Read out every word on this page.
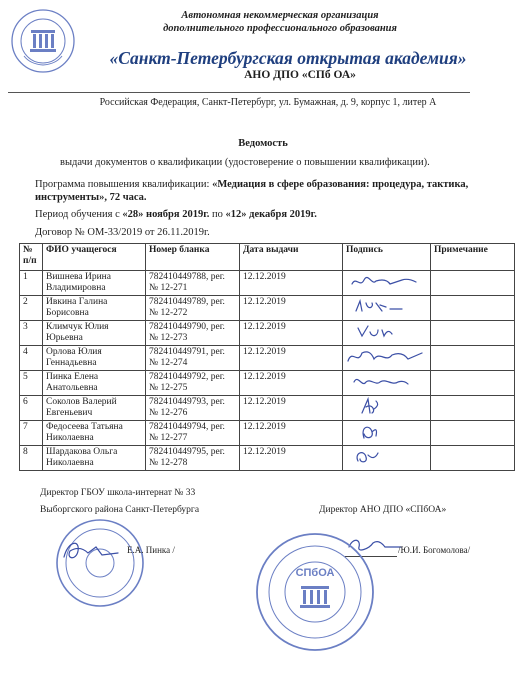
Автономная некоммерческая организация
дополнительного профессионального образования
«Санкт-Петербургская открытая академия»
АНО ДПО «СПб ОА»
Российская Федерация, Санкт-Петербург, ул. Бумажная, д. 9, корпус 1, литер А
Ведомость
выдачи документов о квалификации (удостоверение о повышении квалификации).
Программа повышения квалификации: «Медиация в сфере образования: процедура, тактика, инструменты», 72 часа.
Период обучения с «28» ноября 2019г. по «12» декабря 2019г.
Договор № ОМ-33/2019 от 26.11.2019г.
№ п/п	ФИО учащегося	Номер бланка	Дата выдачи	Подпись	Примечание
1	Вишнева Ирина Владимировна	782410449788, рег. № 12-271	12.12.2019	

2	Ивкина Галина Борисовна	782410449789, рег. № 12-272	12.12.2019	

3	Климчук Юлия Юрьевна	782410449790, рег. № 12-273	12.12.2019	

4	Орлова Юлия Геннадьевна	782410449791, рег. № 12-274	12.12.2019	

5	Пинка Елена Анатольевна	782410449792, рег. № 12-275	12.12.2019	

6	Соколов Валерий Евгеньевич	782410449793, рег. № 12-276	12.12.2019	

7	Федосеева Татьяна Николаевна	782410449794, рег. № 12-277	12.12.2019	

8	Шардакова Ольга Николаевна	782410449795, рег. № 12-278	12.12.2019	

Директор ГБОУ школа-интернат № 33
Выборгского района Санкт-Петербурга	Директор АНО ДПО «СПбОА»
Е.А. Пинка /	/Ю.И. Богомолова/
СПбОА
